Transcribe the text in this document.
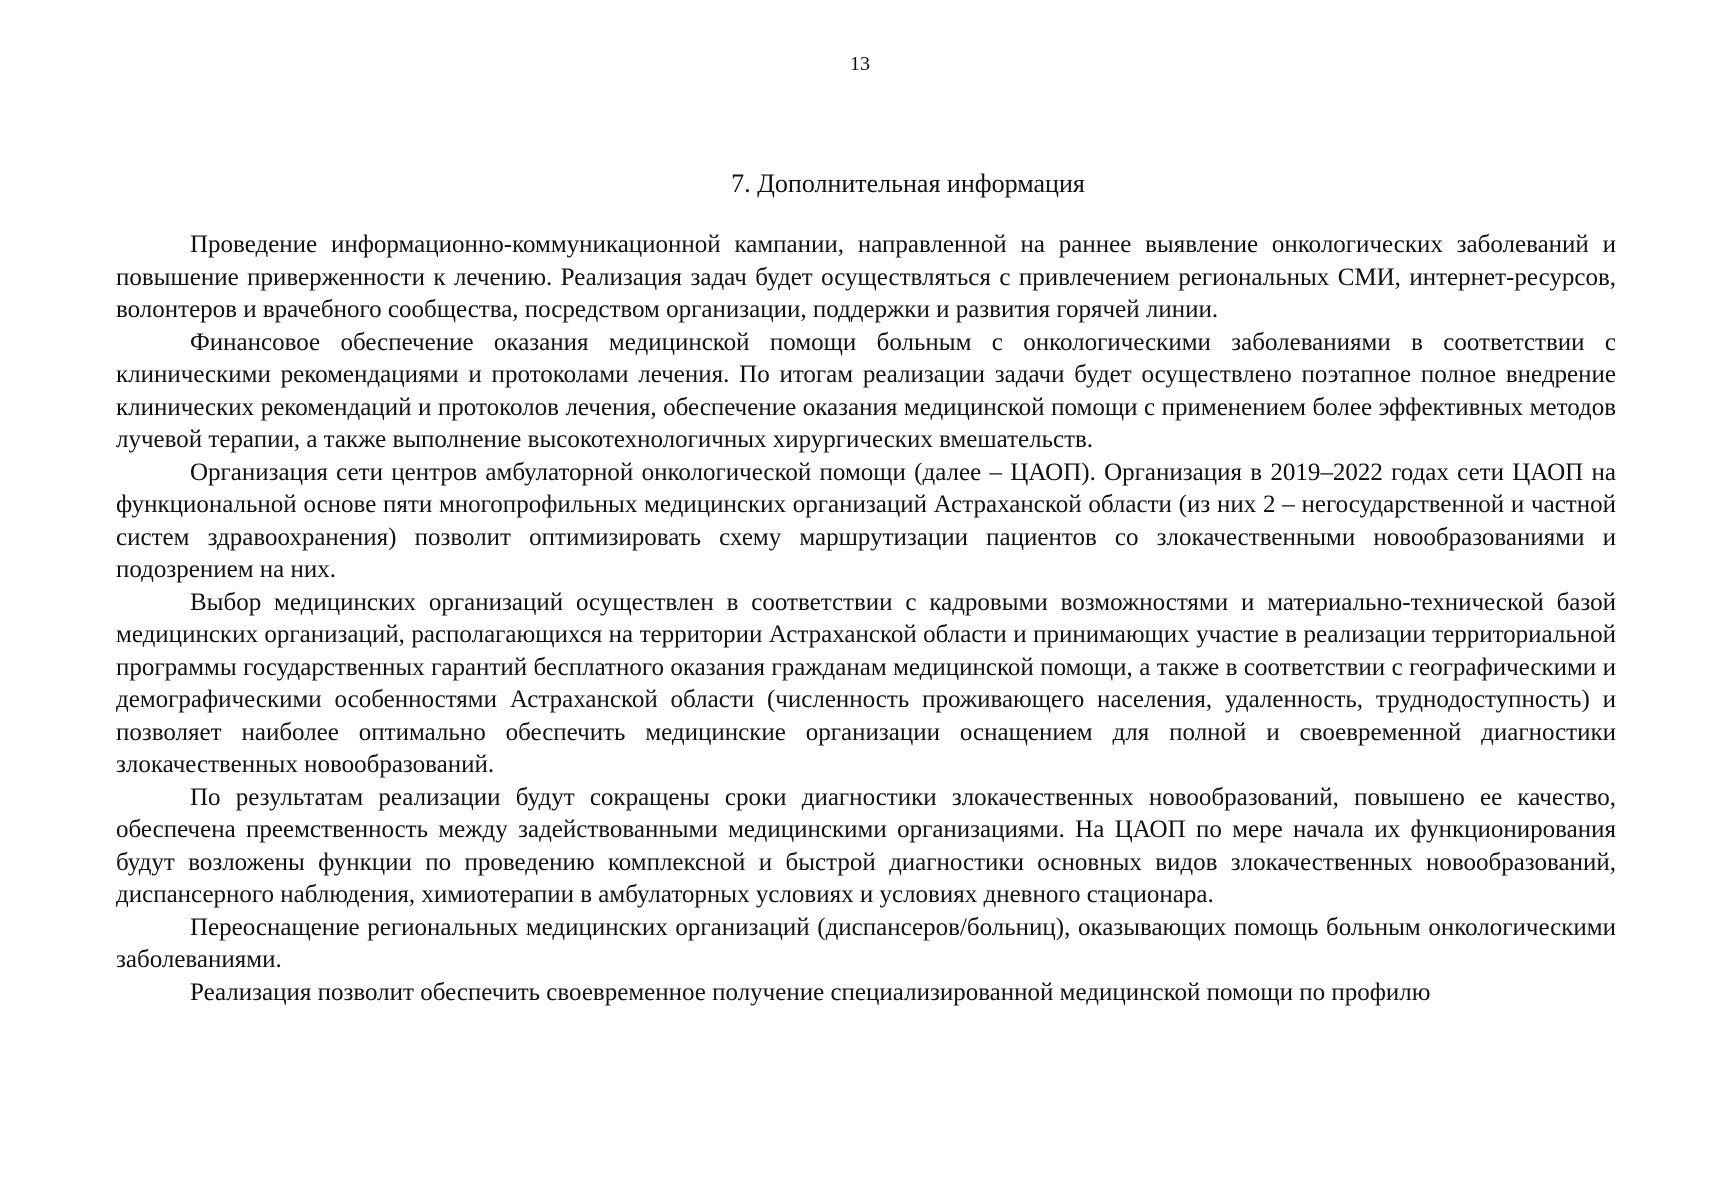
13
7. Дополнительная информация

Проведение информационно-коммуникационной кампании, направленной на раннее выявление онкологических заболеваний и повышение приверженности к лечению. Реализация задач будет осуществляться с привлечением региональных СМИ, интернет-ресурсов, волонтеров и врачебного сообщества, посредством организации, поддержки и развития горячей линии.

Финансовое обеспечение оказания медицинской помощи больным с онкологическими заболеваниями в соответствии с клиническими рекомендациями и протоколами лечения. По итогам реализации задачи будет осуществлено поэтапное полное внедрение клинических рекомендаций и протоколов лечения, обеспечение оказания медицинской помощи с применением более эффективных методов лучевой терапии, а также выполнение высокотехнологичных хирургических вмешательств.

Организация сети центров амбулаторной онкологической помощи (далее – ЦАОП). Организация в 2019–2022 годах сети ЦАОП на функциональной основе пяти многопрофильных медицинских организаций Астраханской области (из них 2 – негосударственной и частной систем здравоохранения) позволит оптимизировать схему маршрутизации пациентов со злокачественными новообразованиями и подозрением на них.

Выбор медицинских организаций осуществлен в соответствии с кадровыми возможностями и материально-технической базой медицинских организаций, располагающихся на территории Астраханской области и принимающих участие в реализации территориальной программы государственных гарантий бесплатного оказания гражданам медицинской помощи, а также в соответствии с географическими и демографическими особенностями Астраханской области (численность проживающего населения, удаленность, труднодоступность) и позволяет наиболее оптимально обеспечить медицинские организации оснащением для полной и своевременной диагностики злокачественных новообразований.

По результатам реализации будут сокращены сроки диагностики злокачественных новообразований, повышено ее качество, обеспечена преемственность между задействованными медицинскими организациями. На ЦАОП по мере начала их функционирования будут возложены функции по проведению комплексной и быстрой диагностики основных видов злокачественных новообразований, диспансерного наблюдения, химиотерапии в амбулаторных условиях и условиях дневного стационара.

Переоснащение региональных медицинских организаций (диспансеров/больниц), оказывающих помощь больным онкологическими заболеваниями.

Реализация позволит обеспечить своевременное получение специализированной медицинской помощи по профилю
